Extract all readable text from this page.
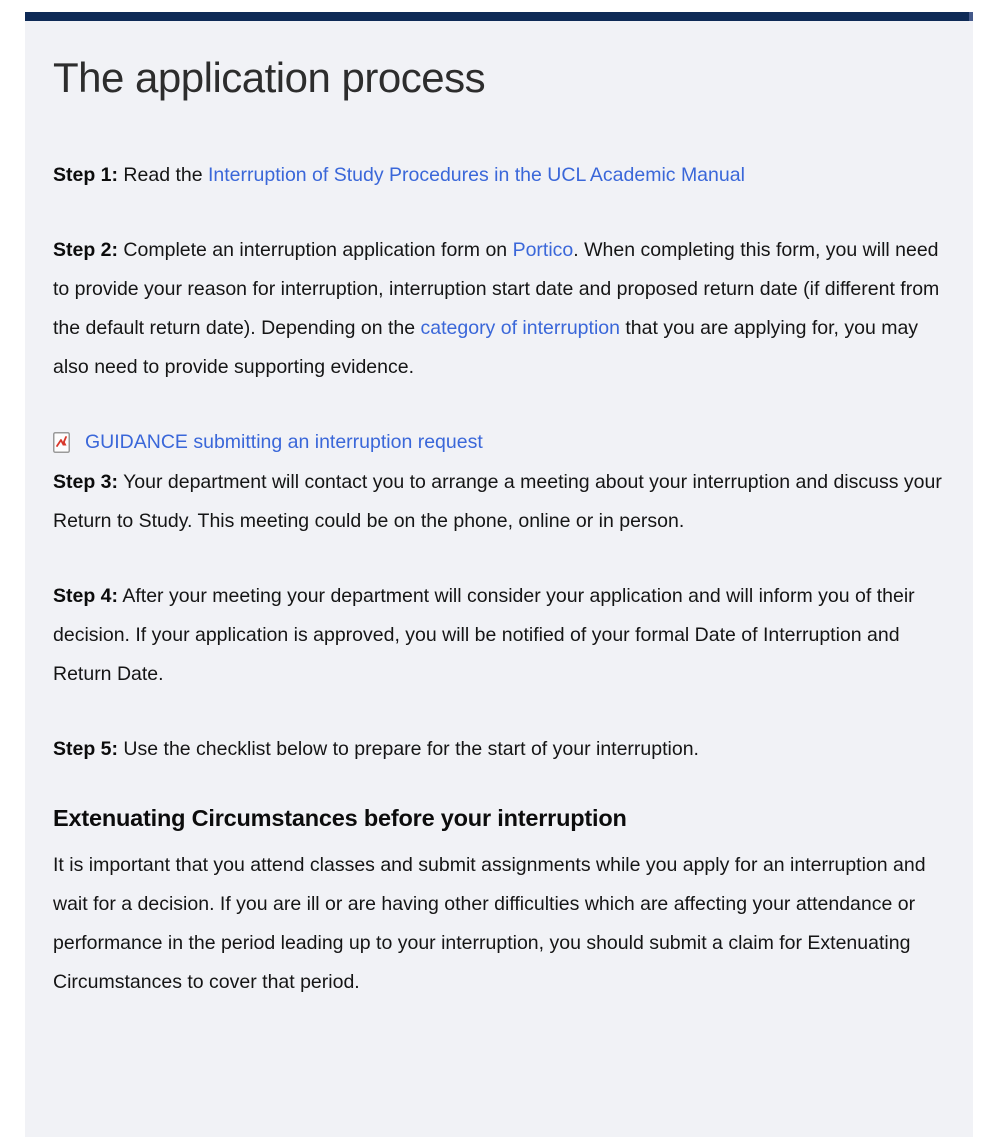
The application process

Step 1: Read the Interruption of Study Procedures in the UCL Academic Manual

Step 2: Complete an interruption application form on Portico. When completing this form, you will need to provide your reason for interruption, interruption start date and proposed return date (if different from the default return date). Depending on the category of interruption that you are applying for, you may also need to provide supporting evidence.

GUIDANCE submitting an interruption request

Step 3: Your department will contact you to arrange a meeting about your interruption and discuss your Return to Study. This meeting could be on the phone, online or in person.

Step 4: After your meeting your department will consider your application and will inform you of their decision. If your application is approved, you will be notified of your formal Date of Interruption and Return Date.

Step 5: Use the checklist below to prepare for the start of your interruption.

Extenuating Circumstances before your interruption

It is important that you attend classes and submit assignments while you apply for an interruption and wait for a decision. If you are ill or are having other difficulties which are affecting your attendance or performance in the period leading up to your interruption, you should submit a claim for Extenuating Circumstances to cover that period.
